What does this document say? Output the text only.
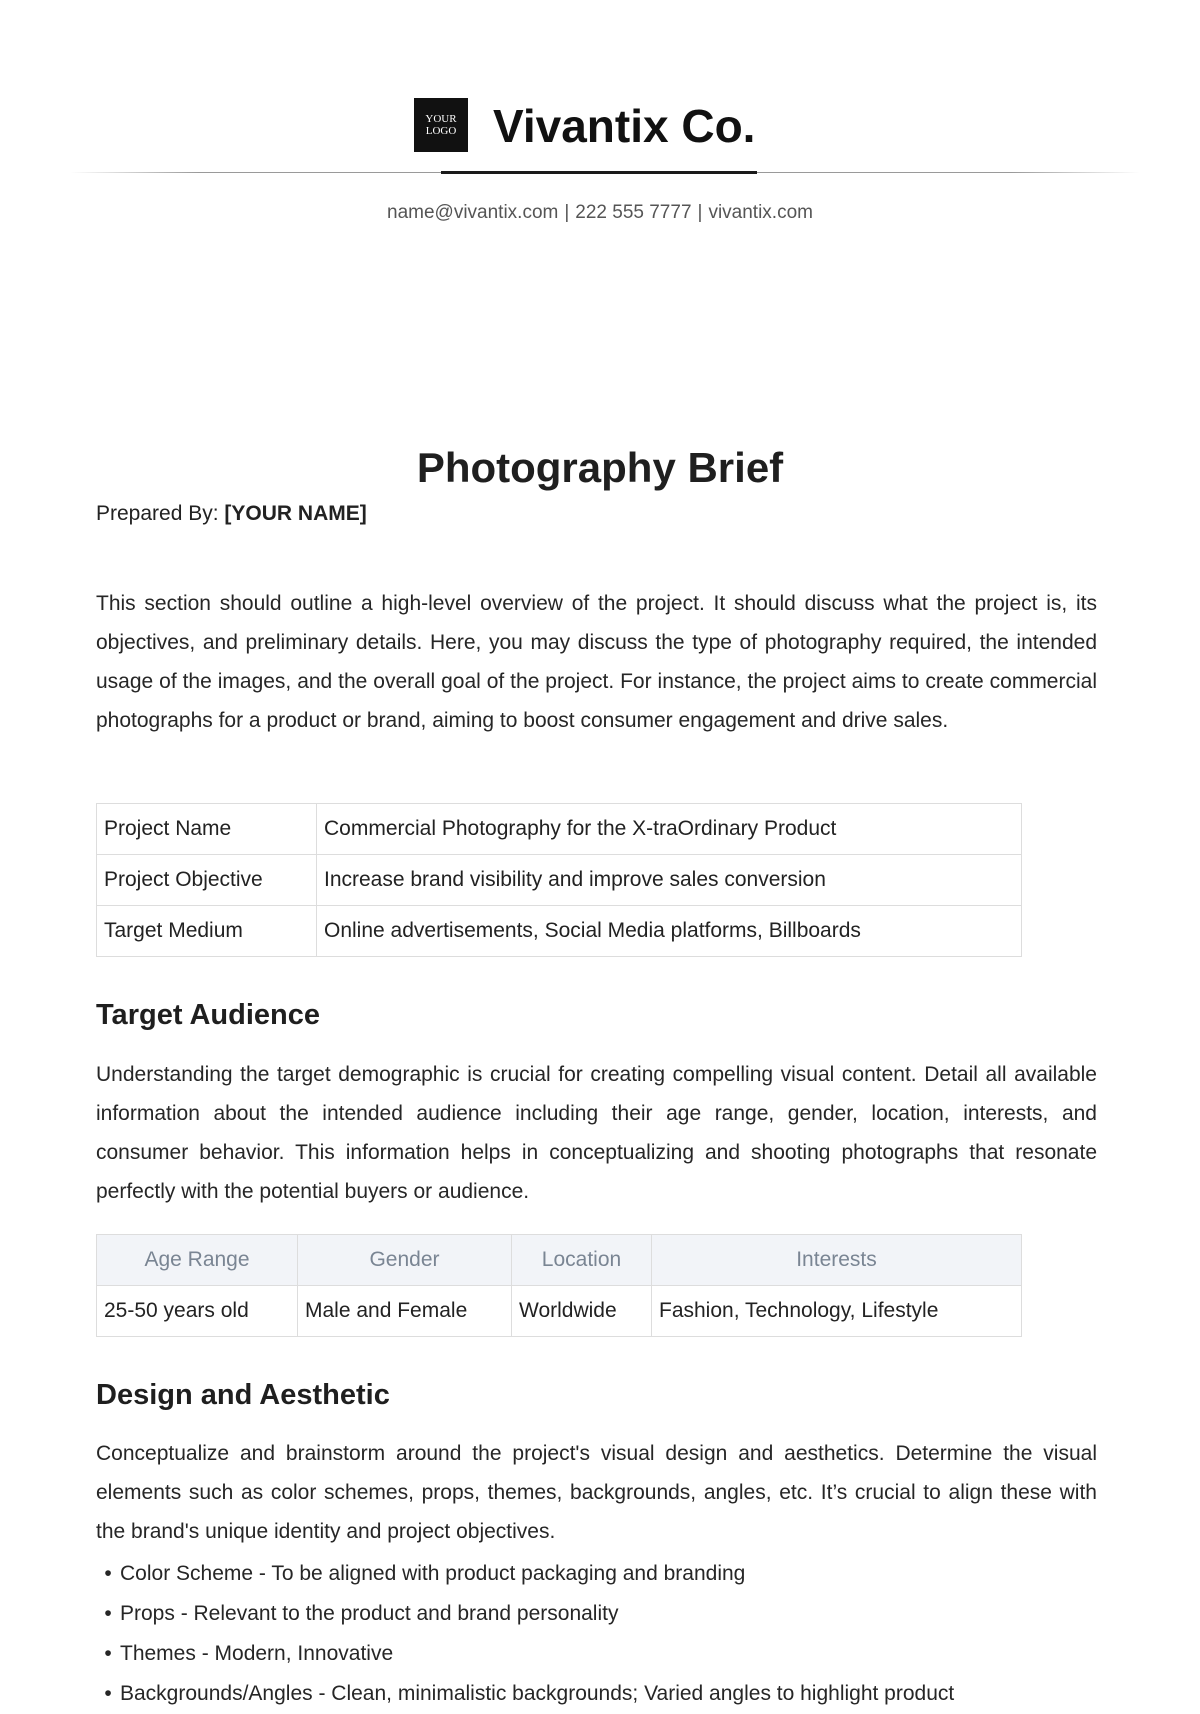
YOUR
LOGO Vivantix Co.
name@vivantix.com | 222 555 7777 | vivantix.com
Photography Brief
Prepared By: [YOUR NAME]

This section should outline a high-level overview of the project. It should discuss what the project is, its objectives, and preliminary details. Here, you may discuss the type of photography required, the intended usage of the images, and the overall goal of the project. For instance, the project aims to create commercial photographs for a product or brand, aiming to boost consumer engagement and drive sales.

Project Name	Commercial Photography for the X-traOrdinary Product
Project Objective	Increase brand visibility and improve sales conversion
Target Medium	Online advertisements, Social Media platforms, Billboards
Target Audience

Understanding the target demographic is crucial for creating compelling visual content. Detail all available information about the intended audience including their age range, gender, location, interests, and consumer behavior. This information helps in conceptualizing and shooting photographs that resonate perfectly with the potential buyers or audience.

Age Range	Gender	Location	Interests
25-50 years old	Male and Female	Worldwide	Fashion, Technology, Lifestyle
Design and Aesthetic

Conceptualize and brainstorm around the project's visual design and aesthetics. Determine the visual elements such as color schemes, props, themes, backgrounds, angles, etc. It’s crucial to align these with the brand's unique identity and project objectives.

• Color Scheme - To be aligned with product packaging and branding
• Props - Relevant to the product and brand personality
• Themes - Modern, Innovative
• Backgrounds/Angles - Clean, minimalistic backgrounds; Varied angles to highlight product
